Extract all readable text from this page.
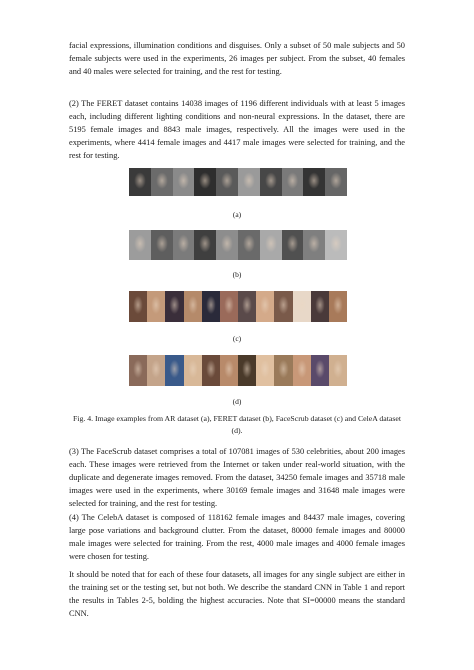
facial expressions, illumination conditions and disguises. Only a subset of 50 male subjects and 50 female subjects were used in the experiments, 26 images per subject. From the subset, 40 females and 40 males were selected for training, and the rest for testing.

(2) The FERET dataset contains 14038 images of 1196 different individuals with at least 5 images each, including different lighting conditions and non-neural expressions. In the dataset, there are 5195 female images and 8843 male images, respectively. All the images were used in the experiments, where 4414 female images and 4417 male images were selected for training, and the rest for testing.

(a)
(b)
(c)
(d)

Fig. 4. Image examples from AR dataset (a), FERET dataset (b), FaceScrub dataset (c) and CeleA dataset (d).

(3) The FaceScrub dataset comprises a total of 107081 images of 530 celebrities, about 200 images each. These images were retrieved from the Internet or taken under real-world situation, with the duplicate and degenerate images removed. From the dataset, 34250 female images and 35718 male images were used in the experiments, where 30169 female images and 31648 male images were selected for training, and the rest for testing.

(4) The CelebA dataset is composed of 118162 female images and 84437 male images, covering large pose variations and background clutter. From the dataset, 80000 female images and 80000 male images were selected for training. From the rest, 4000 male images and 4000 female images were chosen for testing.

It should be noted that for each of these four datasets, all images for any single subject are either in the training set or the testing set, but not both. We describe the standard CNN in Table 1 and report the results in Tables 2-5, bolding the highest accuracies. Note that SI=00000 means the standard CNN.
